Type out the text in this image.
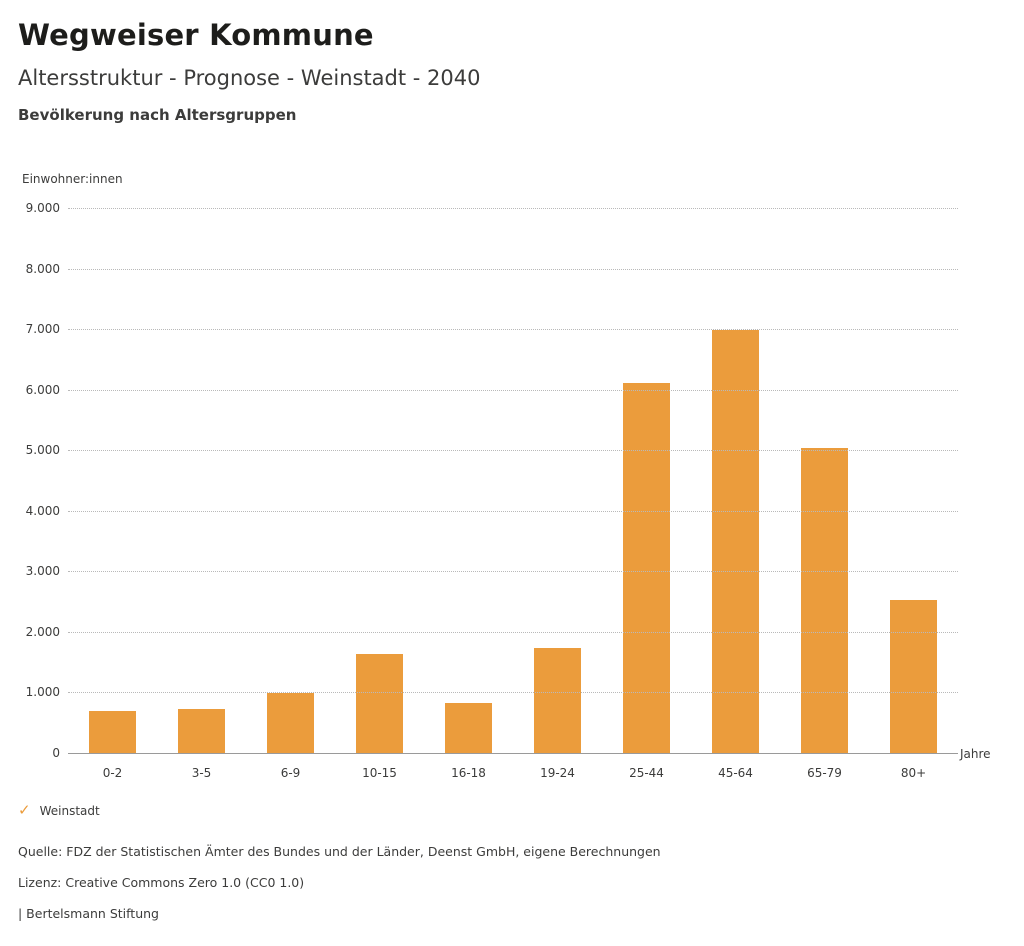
Wegweiser Kommune
Altersstruktur - Prognose - Weinstadt - 2040
Bevölkerung nach Altersgruppen
Einwohner:innen
0
1.000
2.000
3.000
4.000
5.000
6.000
7.000
8.000
9.000
0-2	3-5	6-9	10-15	16-18	19-24	25-44	45-64	65-79	80+
Jahre
✓ Weinstadt
Quelle: FDZ der Statistischen Ämter des Bundes und der Länder, Deenst GmbH, eigene Berechnungen
Lizenz: Creative Commons Zero 1.0 (CC0 1.0)
| Bertelsmann Stiftung
